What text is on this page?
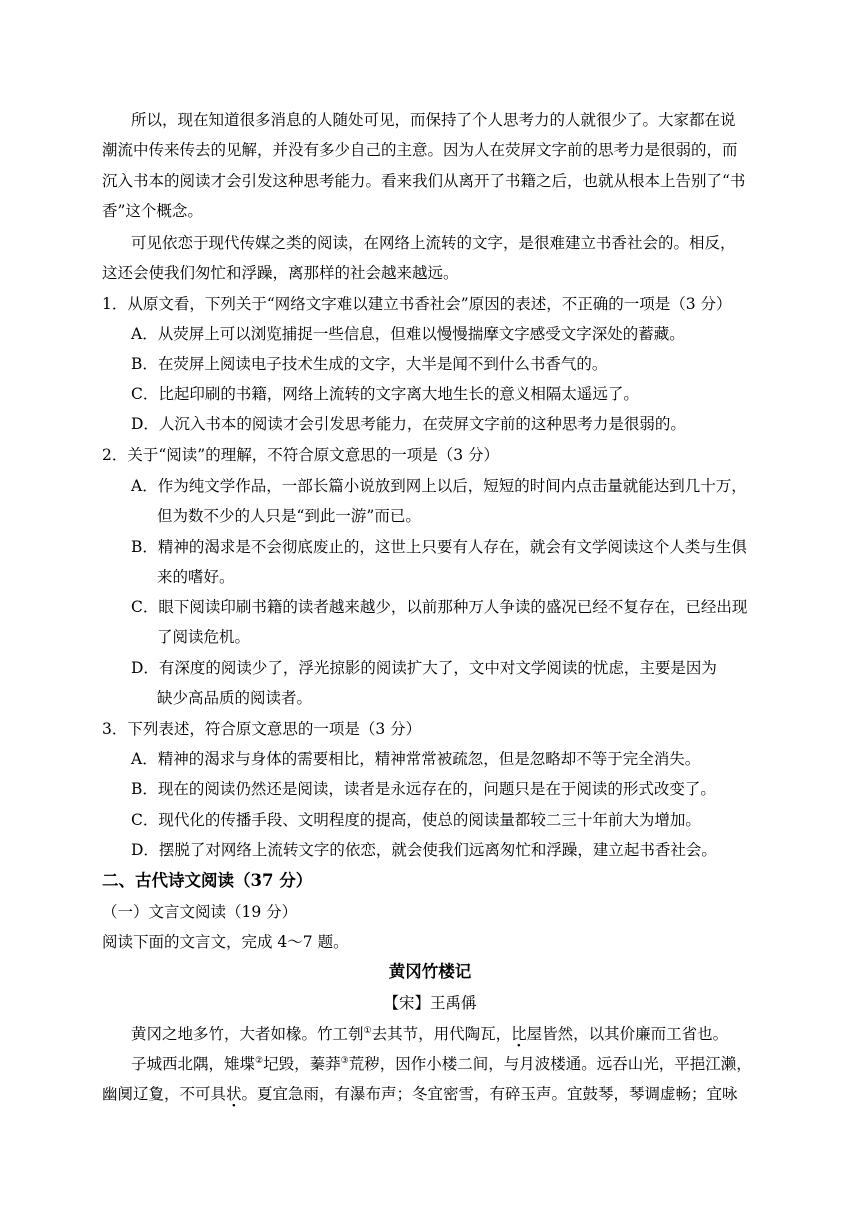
所以，现在知道很多消息的人随处可见，而保持了个人思考力的人就很少了。大家都在说
潮流中传来传去的见解，并没有多少自己的主意。因为人在荧屏文字前的思考力是很弱的，而
沉入书本的阅读才会引发这种思考能力。看来我们从离开了书籍之后，也就从根本上告别了“书
香”这个概念。
可见依恋于现代传媒之类的阅读，在网络上流转的文字，是很难建立书香社会的。相反，
这还会使我们匆忙和浮躁，离那样的社会越来越远。
1．从原文看，下列关于“网络文字难以建立书香社会”原因的表述，不正确的一项是（3 分）
A．从荧屏上可以浏览捕捉一些信息，但难以慢慢揣摩文字感受文字深处的蓄藏。
B．在荧屏上阅读电子技术生成的文字，大半是闻不到什么书香气的。
C．比起印刷的书籍，网络上流转的文字离大地生长的意义相隔太遥远了。
D．人沉入书本的阅读才会引发思考能力，在荧屏文字前的这种思考力是很弱的。
2．关于“阅读”的理解，不符合原文意思的一项是（3 分）
A．作为纯文学作品，一部长篇小说放到网上以后，短短的时间内点击量就能达到几十万，
但为数不少的人只是“到此一游”而已。
B．精神的渴求是不会彻底废止的，这世上只要有人存在，就会有文学阅读这个人类与生俱
来的嗜好。
C．眼下阅读印刷书籍的读者越来越少，以前那种万人争读的盛况已经不复存在，已经出现
了阅读危机。
D．有深度的阅读少了，浮光掠影的阅读扩大了，文中对文学阅读的忧虑，主要是因为
缺少高品质的阅读者。
3．下列表述，符合原文意思的一项是（3 分）
A．精神的渴求与身体的需要相比，精神常常被疏忽，但是忽略却不等于完全消失。
B．现在的阅读仍然还是阅读，读者是永远存在的，问题只是在于阅读的形式改变了。
C．现代化的传播手段、文明程度的提高，使总的阅读量都较二三十年前大为增加。
D．摆脱了对网络上流转文字的依恋，就会使我们远离匆忙和浮躁，建立起书香社会。
二、古代诗文阅读（37 分）
（一）文言文阅读（19 分）
阅读下面的文言文，完成 4～7 题。
黄冈竹楼记
【宋】王禹偁
黄冈之地多竹，大者如椽。竹工刳①去其节，用代陶瓦，比屋皆然，以其价廉而工省也。
子城西北隅，雉堞②圮毁，蓁莽③荒秽，因作小楼二间，与月波楼通。远吞山光，平挹江濑，
幽阒辽夐，不可具状。夏宜急雨，有瀑布声；冬宜密雪，有碎玉声。宜鼓琴，琴调虚畅；宜咏
